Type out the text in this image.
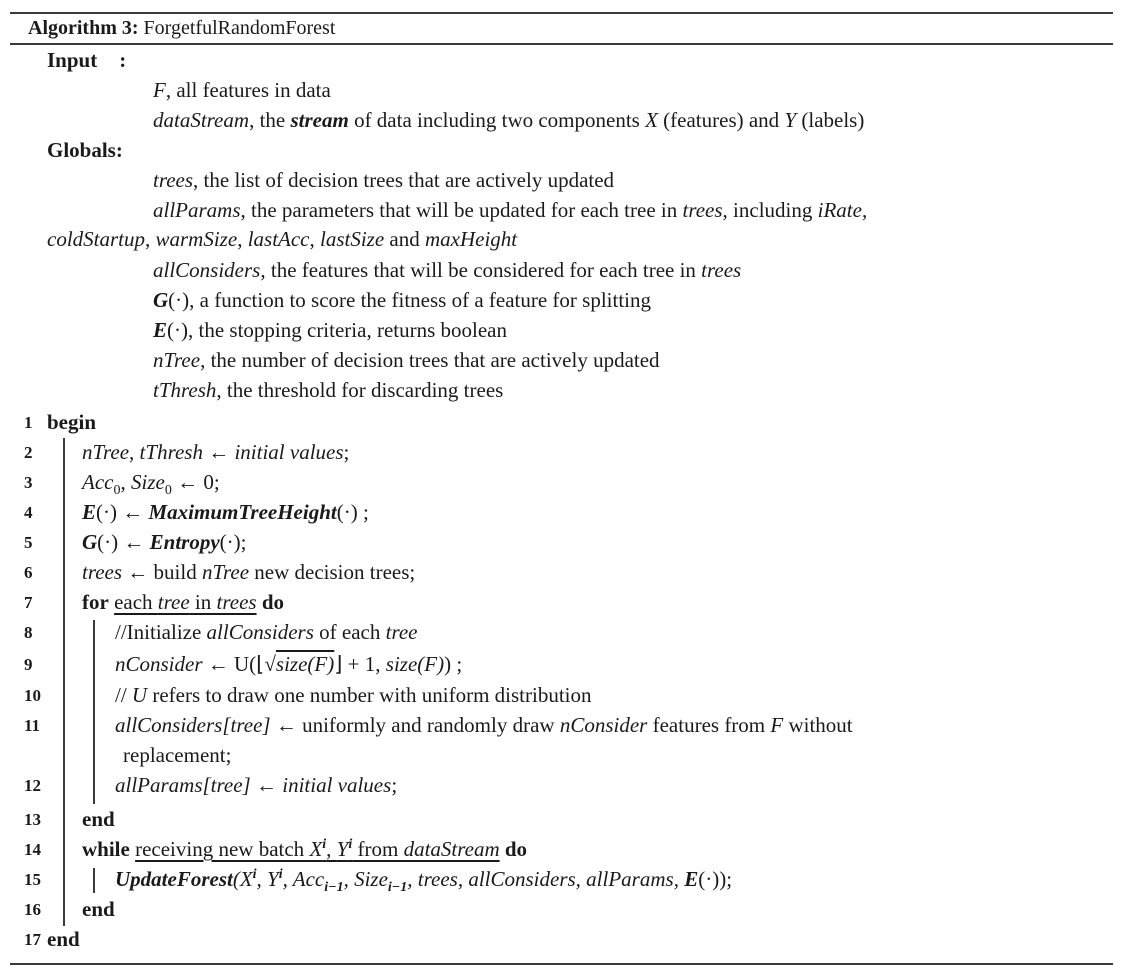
Algorithm 3: ForgetfulRandomForest
Input :
F, all features in data
dataStream, the stream of data including two components X (features) and Y (labels)
Globals:
trees, the list of decision trees that are actively updated
allParams, the parameters that will be updated for each tree in trees, including iRate,
coldStartup, warmSize, lastAcc, lastSize and maxHeight
allConsiders, the features that will be considered for each tree in trees
G(·), a function to score the fitness of a feature for splitting
E(·), the stopping criteria, returns boolean
nTree, the number of decision trees that are actively updated
tThresh, the threshold for discarding trees
1
2
3
4
5
6
7
8
9
10
11
12
13
14
15
16
17
begin
nTree, tThresh ← initial values;
Acc$_0$, Size$_0$ ← 0;
E(·) ← MaximumTreeHeight(·) ;
G(·) ← Entropy(·);
trees ← build nTree new decision trees;
for each tree in trees do
//Initialize allConsiders of each tree
nConsider ← U(⌊√size(F)⌋ + 1, size(F)) ;
// U refers to draw one number with uniform distribution
allConsiders[tree] ← uniformly and randomly draw nConsider features from F without
replacement;
allParams[tree] ← initial values;
end
while receiving new batch $X^i$, $Y^i$ from dataStream do
$UpdateForest(X^i$, $Y^i$, Acc$_{i-1}$, Size$_{i-1}$, trees, allConsiders, allParams, E(·));
end
end
